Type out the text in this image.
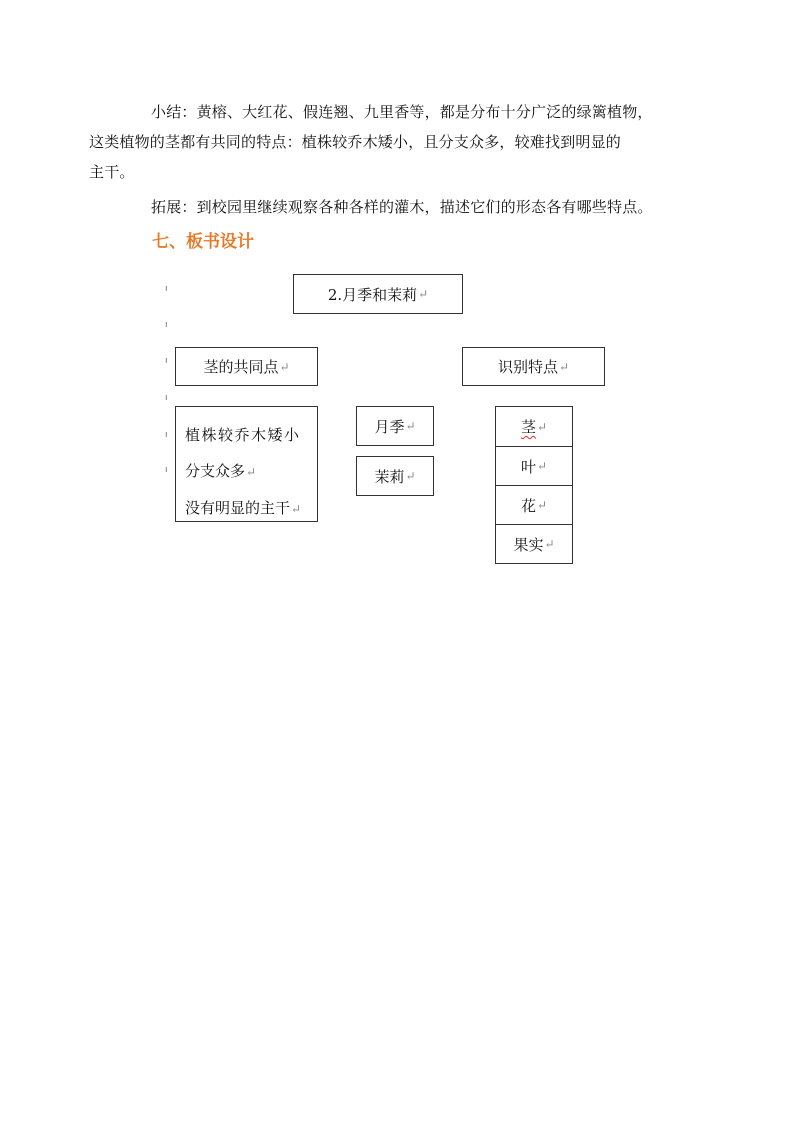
小结：黄榕、大红花、假连翘、九里香等，都是分布十分广泛的绿篱植物，
这类植物的茎都有共同的特点：植株较乔木矮小，且分支众多，较难找到明显的
主干。

拓展：到校园里继续观察各种各样的灌木，描述它们的形态各有哪些特点。

七、板书设计
ı
ı
ı
ı
ı
ı
2.月季和茉莉 ↵
茎的共同点 ↵	识别特点 ↵
植株较乔木矮小
分支众多↵
没有明显的主干↵
月季 ↵
茉莉 ↵
茎 ↵
叶 ↵
花 ↵
果实 ↵
